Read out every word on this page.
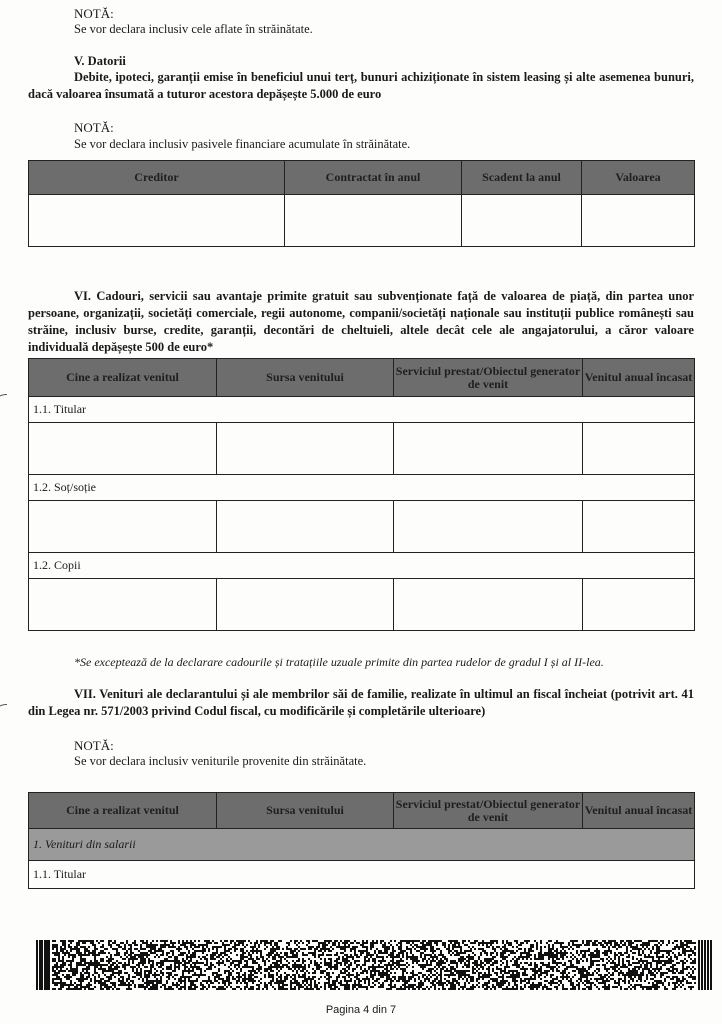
NOTĂ:
Se vor declara inclusiv cele aflate în străinătate.
V. Datorii
Debite, ipoteci, garanții emise în beneficiul unui terț, bunuri achiziționate în sistem leasing și alte asemenea bunuri, dacă valoarea însumată a tuturor acestora depășește 5.000 de euro
NOTĂ:
Se vor declara inclusiv pasivele financiare acumulate în străinătate.
Creditor	Contractat în anul	Scadent la anul	Valoarea

VI. Cadouri, servicii sau avantaje primite gratuit sau subvenționate față de valoarea de piață, din partea unor persoane, organizații, societăți comerciale, regii autonome, companii/societăți naționale sau instituții publice românești sau străine, inclusiv burse, credite, garanții, decontări de cheltuieli, altele decât cele ale angajatorului, a căror valoare individuală depășește 500 de euro*
Cine a realizat venitul	Sursa venitului	Serviciul prestat/Obiectul generator de venit	Venitul anual încasat
1.1. Titular			

1.2. Soț/soție			

1.2. Copii			

*Se exceptează de la declarare cadourile și tratațiile uzuale primite din partea rudelor de gradul I și al II-lea.
VII. Venituri ale declarantului și ale membrilor săi de familie, realizate în ultimul an fiscal încheiat (potrivit art. 41 din Legea nr. 571/2003 privind Codul fiscal, cu modificările și completările ulterioare)
NOTĂ:
Se vor declara inclusiv veniturile provenite din străinătate.
Cine a realizat venitul	Sursa venitului	Serviciul prestat/Obiectul generator de venit	Venitul anual încasat
1. Venituri din salarii
1.1. Titular
Pagina 4 din 7
